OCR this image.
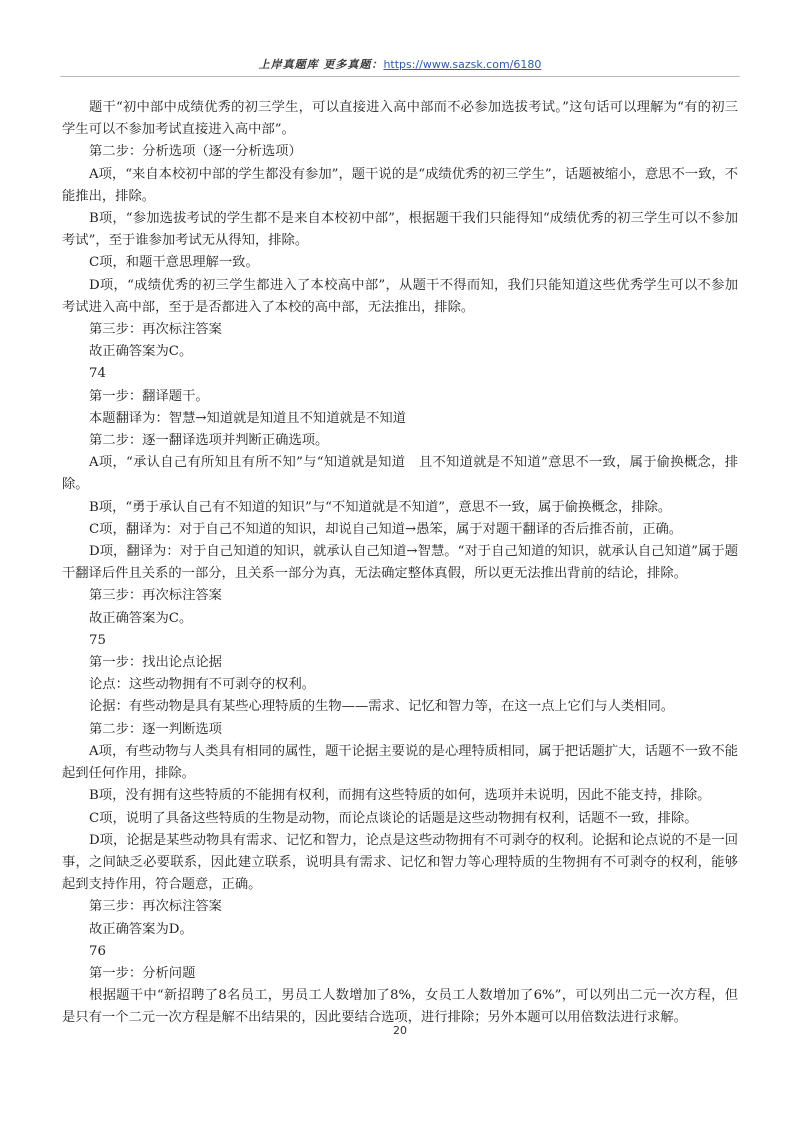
上岸真题库 更多真题：https://www.sazsk.com/6180

题干“初中部中成绩优秀的初三学生，可以直接进入高中部而不必参加选拔考试。”这句话可以理解为“有的初三学生可以不参加考试直接进入高中部”。

第二步：分析选项（逐一分析选项）

A项，“来自本校初中部的学生都没有参加”，题干说的是“成绩优秀的初三学生”，话题被缩小，意思不一致，不能推出，排除。

B项，“参加选拔考试的学生都不是来自本校初中部”，根据题干我们只能得知“成绩优秀的初三学生可以不参加考试”，至于谁参加考试无从得知，排除。

C项，和题干意思理解一致。

D项，“成绩优秀的初三学生都进入了本校高中部”，从题干不得而知，我们只能知道这些优秀学生可以不参加考试进入高中部，至于是否都进入了本校的高中部，无法推出，排除。

第三步：再次标注答案

故正确答案为C。

74

第一步：翻译题干。

本题翻译为：智慧→知道就是知道且不知道就是不知道

第二步：逐一翻译选项并判断正确选项。

A项，“承认自己有所知且有所不知”与“知道就是知道　且不知道就是不知道”意思不一致，属于偷换概念，排除。

B项，“勇于承认自己有不知道的知识”与“不知道就是不知道”，意思不一致，属于偷换概念，排除。

C项，翻译为：对于自己不知道的知识，却说自己知道→愚笨，属于对题干翻译的否后推否前，正确。

D项，翻译为：对于自己知道的知识，就承认自己知道→智慧。“对于自己知道的知识，就承认自己知道”属于题干翻译后件且关系的一部分，且关系一部分为真，无法确定整体真假，所以更无法推出背前的结论，排除。

第三步：再次标注答案

故正确答案为C。

75

第一步：找出论点论据

论点：这些动物拥有不可剥夺的权利。

论据：有些动物是具有某些心理特质的生物——需求、记忆和智力等，在这一点上它们与人类相同。

第二步：逐一判断选项

A项，有些动物与人类具有相同的属性，题干论据主要说的是心理特质相同，属于把话题扩大，话题不一致不能起到任何作用，排除。

B项，没有拥有这些特质的不能拥有权利，而拥有这些特质的如何，选项并未说明，因此不能支持，排除。

C项，说明了具备这些特质的生物是动物，而论点谈论的话题是这些动物拥有权利，话题不一致，排除。

D项，论据是某些动物具有需求、记忆和智力，论点是这些动物拥有不可剥夺的权利。论据和论点说的不是一回事，之间缺乏必要联系，因此建立联系，说明具有需求、记忆和智力等心理特质的生物拥有不可剥夺的权利，能够起到支持作用，符合题意，正确。

第三步：再次标注答案

故正确答案为D。

76

第一步：分析问题

根据题干中“新招聘了8名员工，男员工人数增加了8%，女员工人数增加了6%”，可以列出二元一次方程，但是只有一个二元一次方程是解不出结果的，因此要结合选项，进行排除；另外本题可以用倍数法进行求解。

20
